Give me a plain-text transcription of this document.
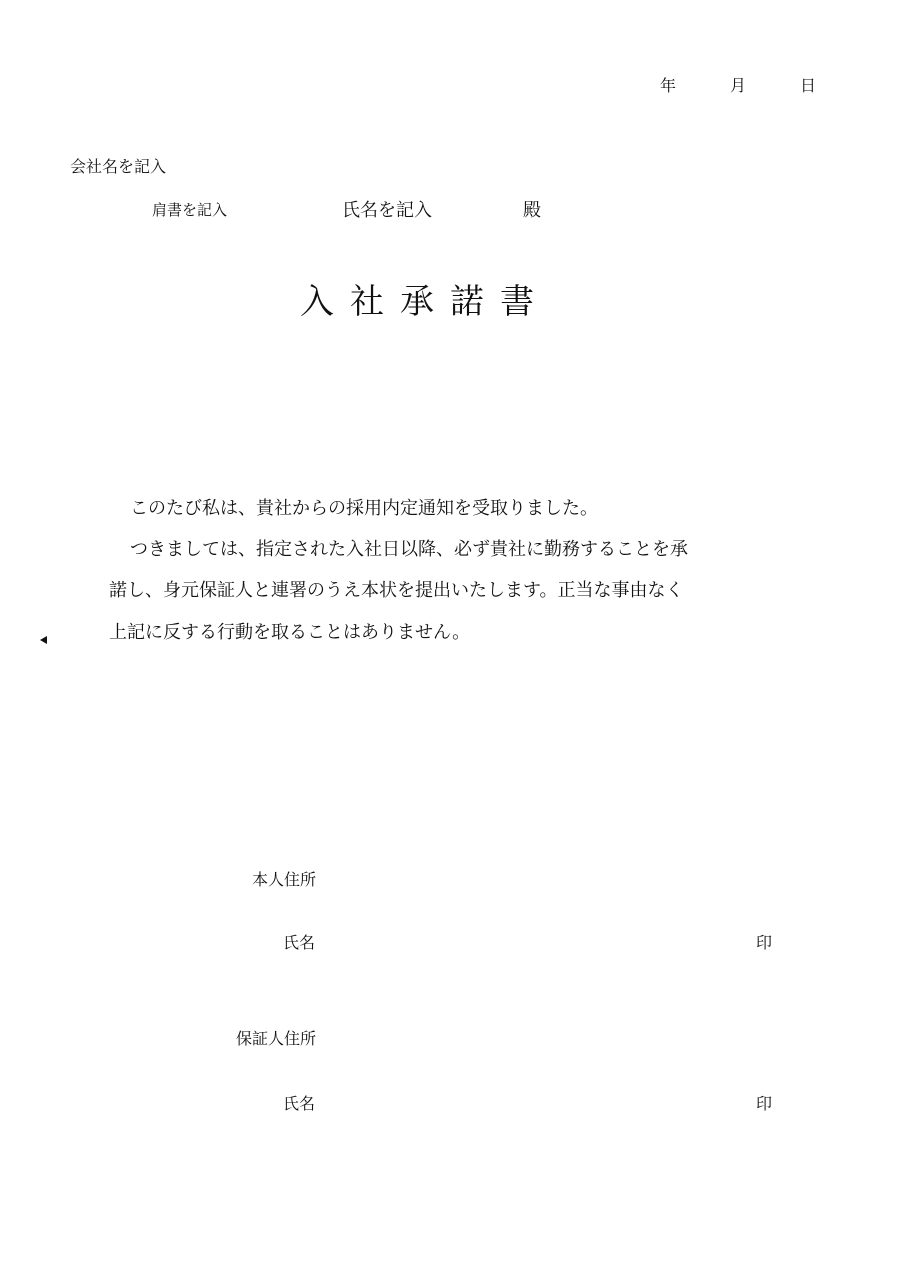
年	月	日
会社名を記入
肩書を記入	氏名を記入	殿
入社承諾書
このたび私は、貴社からの採用内定通知を受取りました。
つきましては、指定された入社日以降、必ず貴社に勤務することを承
諾し、身元保証人と連署のうえ本状を提出いたします。正当な事由なく
上記に反する行動を取ることはありません。
本人住所
氏名	印
保証人住所
氏名	印
